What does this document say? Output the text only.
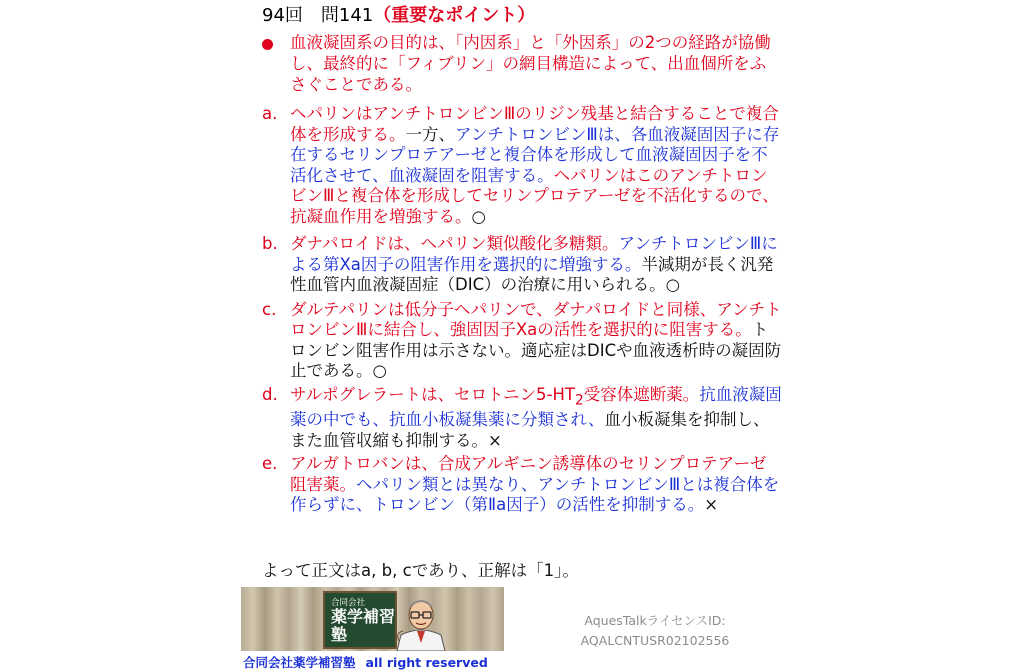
94回　問141（重要なポイント）
血液凝固系の目的は、「内因系」と「外因系」の2つの経路が協働し、最終的に「フィブリン」の網目構造によって、出血個所をふさぐことである。
a. ヘパリンはアンチトロンビンⅢのリジン残基と結合することで複合体を形成する。一方、アンチトロンビンⅢは、各血液凝固因子に存在するセリンプロテアーゼと複合体を形成して血液凝固因子を不活化させて、血液凝固を阻害する。ヘパリンはこのアンチトロンビンⅢと複合体を形成してセリンプロテアーゼを不活化するので、抗凝血作用を増強する。○
b. ダナパロイドは、ヘパリン類似酸化多糖類。アンチトロンビンⅢによる第Ⅹa因子の阻害作用を選択的に増強する。半減期が長く汎発性血管内血液凝固症（DIC）の治療に用いられる。○
c. ダルテパリンは低分子ヘパリンで、ダナパロイドと同様、アンチトロンビンⅢに結合し、強固因子Ⅹaの活性を選択的に阻害する。トロンビン阻害作用は示さない。適応症はDICや血液透析時の凝固防止である。○
d. サルポグレラートは、セロトニン$5-HT_2$受容体遮断薬。抗血液凝固薬の中でも、抗血小板凝集薬に分類され、血小板凝集を抑制し、また血管収縮も抑制する。×
e. アルガトロバンは、合成アルギニン誘導体のセリンプロテアーゼ阻害薬。ヘパリン類とは異なり、アンチトロンビンⅢとは複合体を作らずに、トロンビン（第Ⅱa因子）の活性を抑制する。×
よって正文はa, b, cであり、正解は「1」。
合同会社
薬学補習塾
合同会社薬学補習塾 all right reserved
AquesTalkライセンスID:
AQALCNTUSR02102556
